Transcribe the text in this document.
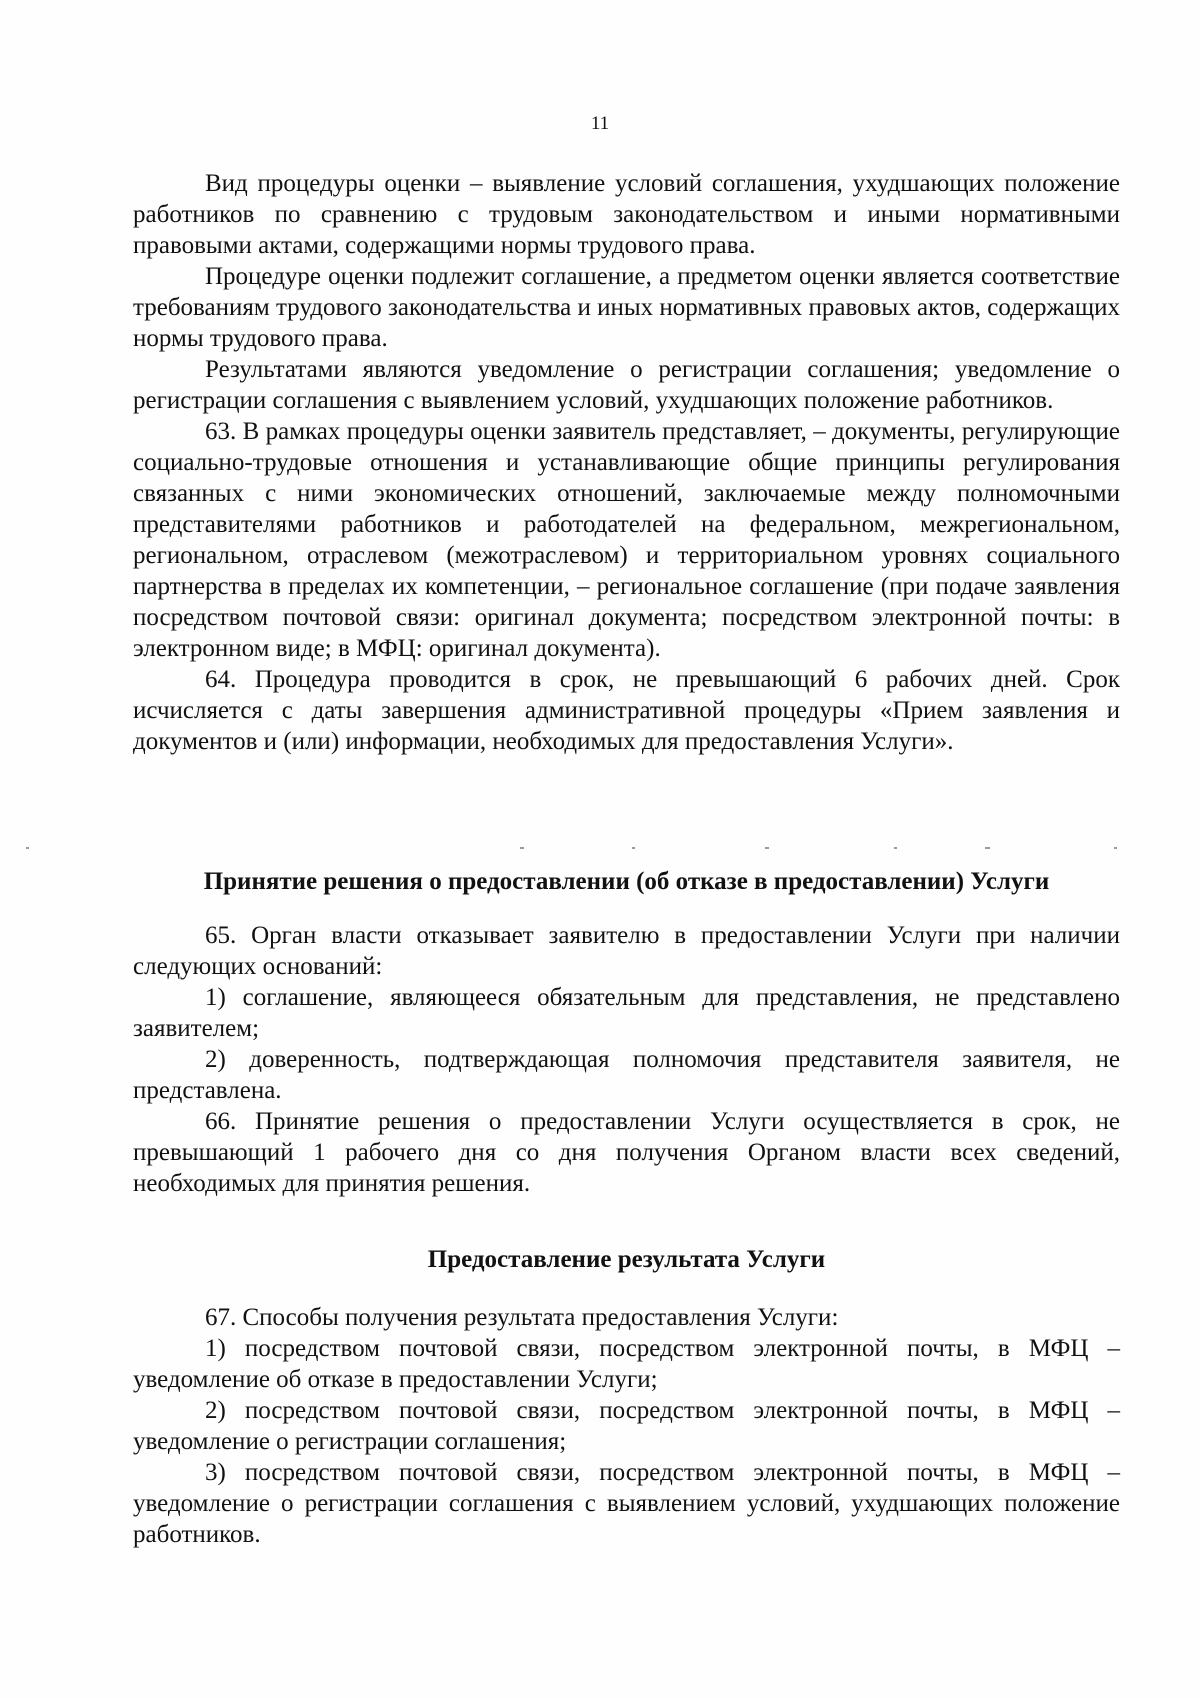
11

Вид процедуры оценки – выявление условий соглашения, ухудшающих положение работников по сравнению с трудовым законодательством и иными нормативными правовыми актами, содержащими нормы трудового права.

Процедуре оценки подлежит соглашение, а предметом оценки является соответствие требованиям трудового законодательства и иных нормативных правовых актов, содержащих нормы трудового права.

Результатами являются уведомление о регистрации соглашения; уведомление о регистрации соглашения с выявлением условий, ухудшающих положение работников.

63. В рамках процедуры оценки заявитель представляет, – документы, регулирующие социально-трудовые отношения и устанавливающие общие принципы регулирования связанных с ними экономических отношений, заключаемые между полномочными представителями работников и работодателей на федеральном, межрегиональном, региональном, отраслевом (межотраслевом) и территориальном уровнях социального партнерства в пределах их компетенции, – региональное соглашение (при подаче заявления посредством почтовой связи: оригинал документа; посредством электронной почты: в электронном виде; в МФЦ: оригинал документа).

64. Процедура проводится в срок, не превышающий 6 рабочих дней. Срок исчисляется с даты завершения административной процедуры «Прием заявления и документов и (или) информации, необходимых для предоставления Услуги».

Принятие решения о предоставлении (об отказе в предоставлении) Услуги

65. Орган власти отказывает заявителю в предоставлении Услуги при наличии следующих оснований:

1) соглашение, являющееся обязательным для представления, не представлено заявителем;

2) доверенность, подтверждающая полномочия представителя заявителя, не представлена.

66. Принятие решения о предоставлении Услуги осуществляется в срок, не превышающий 1 рабочего дня со дня получения Органом власти всех сведений, необходимых для принятия решения.

Предоставление результата Услуги

67. Способы получения результата предоставления Услуги:

1) посредством почтовой связи, посредством электронной почты, в МФЦ – уведомление об отказе в предоставлении Услуги;

2) посредством почтовой связи, посредством электронной почты, в МФЦ – уведомление о регистрации соглашения;

3) посредством почтовой связи, посредством электронной почты, в МФЦ – уведомление о регистрации соглашения с выявлением условий, ухудшающих положение работников.
